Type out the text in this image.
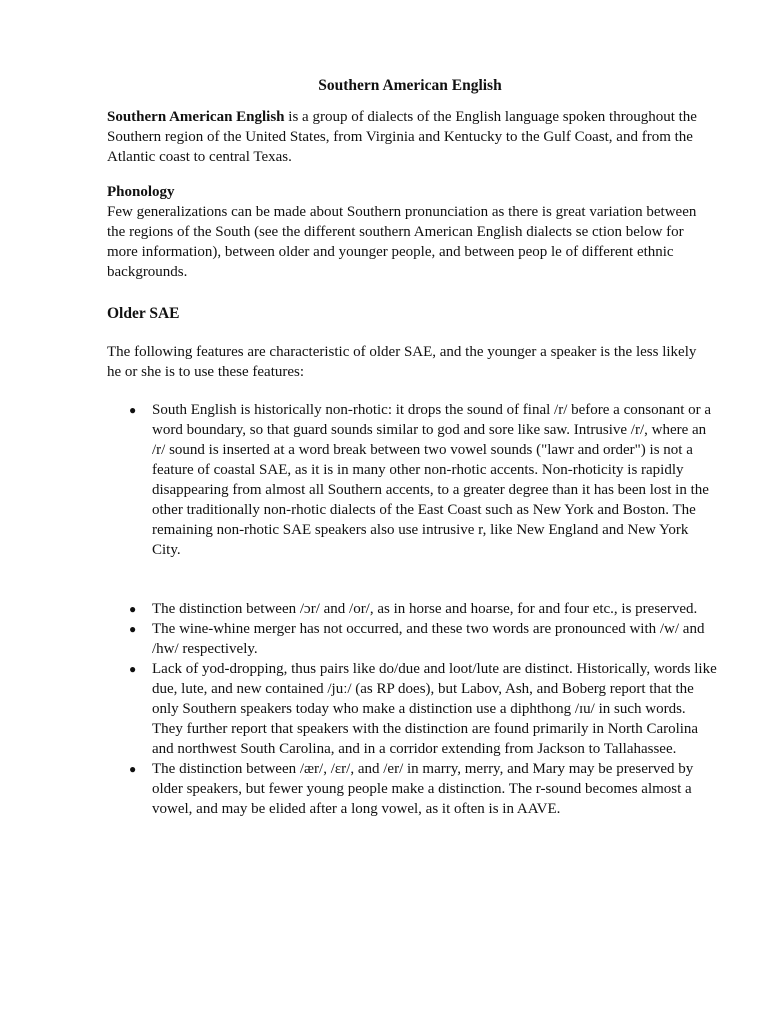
Southern American English

Southern American English is a group of dialects of the English language spoken throughout the Southern region of the United States, from Virginia and Kentucky to the Gulf Coast, and from the Atlantic coast to central Texas.

Phonology

Few generalizations can be made about Southern pronunciation as there is great variation between the regions of the South (see the different southern American English dialects se ction below for more information), between older and younger people, and between peop le of different ethnic backgrounds.

Older SAE

The following features are characteristic of older SAE, and the younger a speaker is the less likely he or she is to use these features:

● South English is historically non-rhotic: it drops the sound of final /r/ before a consonant or a word boundary, so that guard sounds similar to god and sore like saw. Intrusive /r/, where an /r/ sound is inserted at a word break between two vowel sounds ("lawr and order") is not a feature of coastal SAE, as it is in many other non-rhotic accents. Non-rhoticity is rapidly disappearing from almost all Southern accents, to a greater degree than it has been lost in the other traditionally non-rhotic dialects of the East Coast such as New York and Boston. The remaining non-rhotic SAE speakers also use intrusive r, like New England and New York City.
● The distinction between /ɔr/ and /or/, as in horse and hoarse, for and four etc., is preserved.
● The wine-whine merger has not occurred, and these two words are pronounced with /w/ and /hw/ respectively.
● Lack of yod-dropping, thus pairs like do/due and loot/lute are distinct. Historically, words like due, lute, and new contained /juː/ (as RP does), but Labov, Ash, and Boberg report that the only Southern speakers today who make a distinction use a diphthong /ɪu/ in such words. They further report that speakers with the distinction are found primarily in North Carolina and northwest South Carolina, and in a corridor extending from Jackson to Tallahassee.
● The distinction between /ær/, /ɛr/, and /er/ in marry, merry, and Mary may be preserved by older speakers, but fewer young people make a distinction. The r-sound becomes almost a vowel, and may be elided after a long vowel, as it often is in AAVE.
